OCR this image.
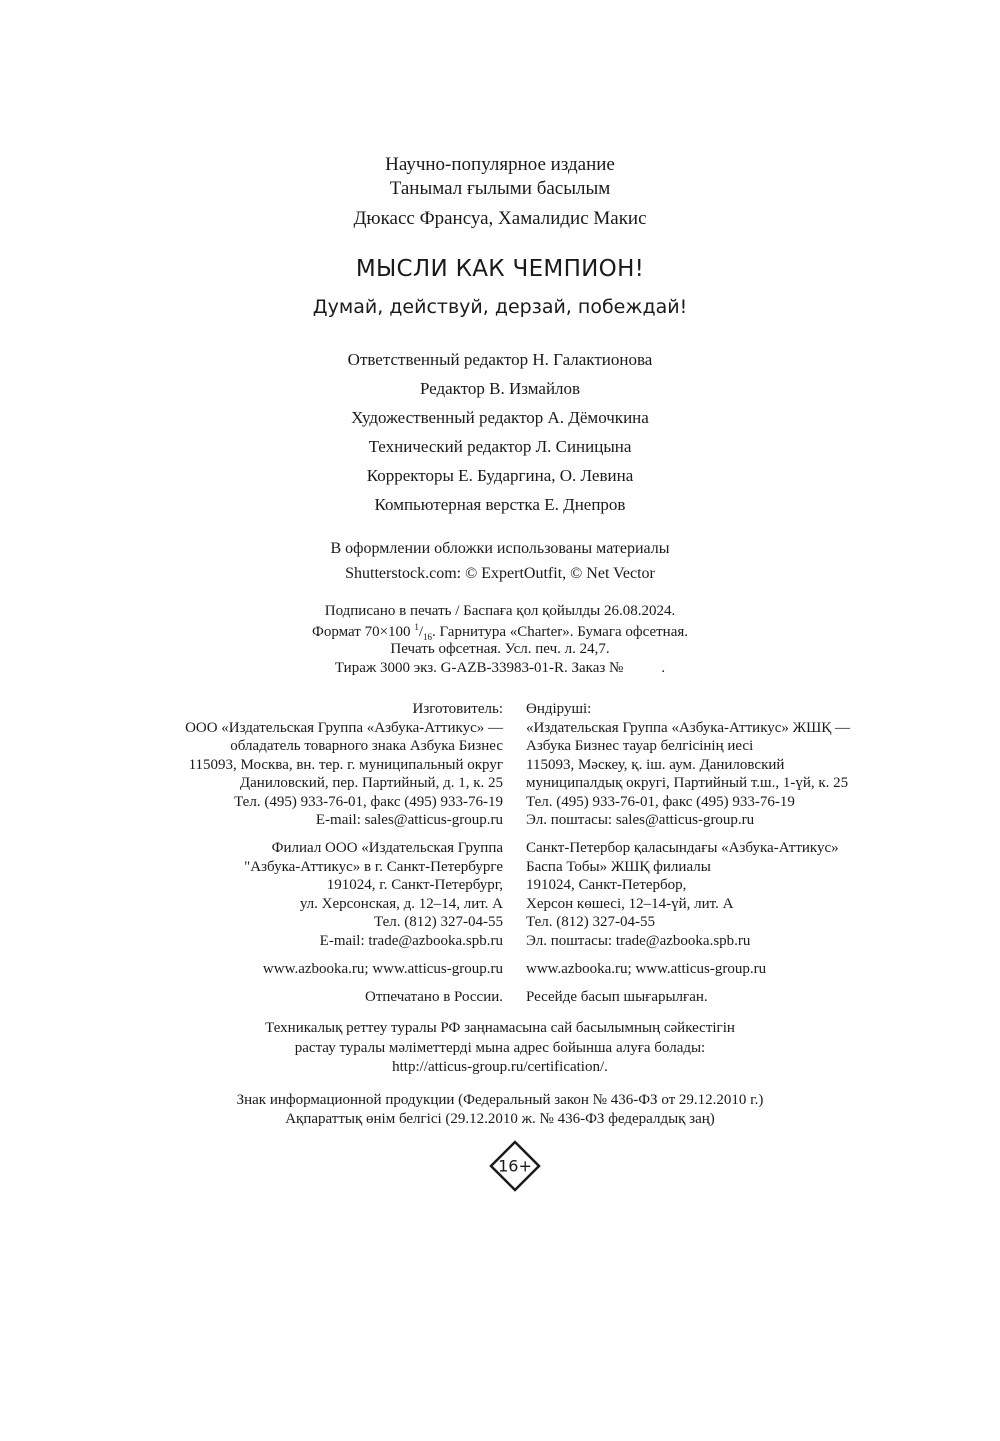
Научно-популярное издание
Танымал ғылыми басылым
Дюкасс Франсуа, Хамалидис Макис
МЫСЛИ КАК ЧЕМПИОН!
Думай, действуй, дерзай, побеждай!
Ответственный редактор Н. Галактионова
Редактор В. Измайлов
Художественный редактор А. Дёмочкина
Технический редактор Л. Синицына
Корректоры Е. Бударгина, О. Левина
Компьютерная верстка Е. Днепров
В оформлении обложки использованы материалы
Shutterstock.com: © ExpertOutfit, © Net Vector
Подписано в печать / Баспаға қол қойылды 26.08.2024.
Формат 70×100 $^1/_{16}$. Гарнитура «Charter». Бумага офсетная.
Печать офсетная. Усл. печ. л. 24,7.
Тираж 3000 экз. G-AZB-33983-01-R. Заказ №	.
Изготовитель:
ООО «Издательская Группа «Азбука-Аттикус» —
обладатель товарного знака Азбука Бизнес
115093, Москва, вн. тер. г. муниципальный округ
Даниловский, пер. Партийный, д. 1, к. 25
Тел. (495) 933-76-01, факс (495) 933-76-19
E-mail: sales@atticus-group.ru
Филиал ООО «Издательская Группа
"Азбука-Аттикус» в г. Санкт-Петербурге
191024, г. Санкт-Петербург,
ул. Херсонская, д. 12–14, лит. А
Тел. (812) 327-04-55
E-mail: trade@azbooka.spb.ru
www.azbooka.ru; www.atticus-group.ru
Отпечатано в России.
Өндіруші:
«Издательская Группа «Азбука-Аттикус» ЖШҚ —
Азбука Бизнес тауар белгісінің иесі
115093, Мәскеу, қ. іш. аум. Даниловский
муниципалдық округі, Партийный т.ш., 1-үй, к. 25
Тел. (495) 933-76-01, факс (495) 933-76-19
Эл. поштасы: sales@atticus-group.ru
Санкт-Петербор қаласындағы «Азбука-Аттикус»
Баспа Тобы» ЖШҚ филиалы
191024, Санкт-Петербор,
Херсон көшесі, 12–14-үй, лит. А
Тел. (812) 327-04-55
Эл. поштасы: trade@azbooka.spb.ru
www.azbooka.ru; www.atticus-group.ru
Ресейде басып шығарылған.
Техникалық реттеу туралы РФ заңнамасына сай басылымның сәйкестігін
растау туралы мәліметтерді мына адрес бойынша алуға болады:
http://atticus-group.ru/certification/.
Знак информационной продукции (Федеральный закон № 436-ФЗ от 29.12.2010 г.)
Ақпараттық өнім белгісі (29.12.2010 ж. № 436-ФЗ федералдық заң)
16+
